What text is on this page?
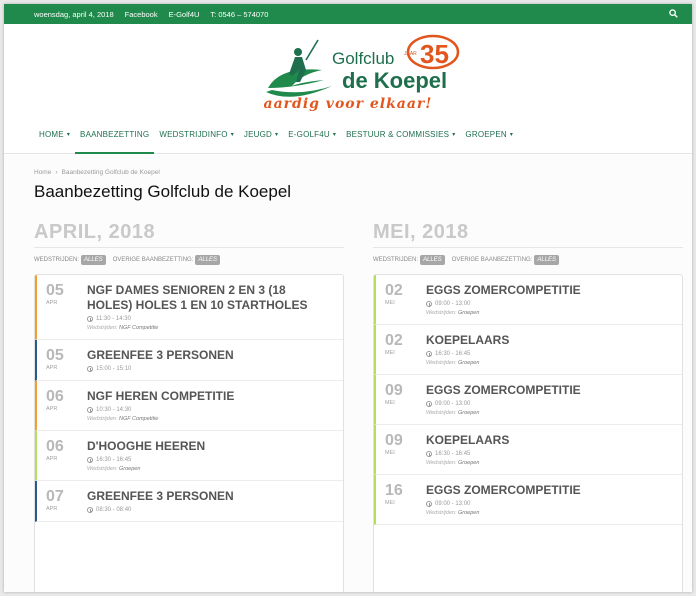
woensdag, april 4, 2018 Facebook E-Golf4U T: 0546 – 574070
Golfclub
de Koepel
35
JAAR
aardig voor elkaar!
HOME ▾ BAANBEZETTING WEDSTRIJDINFO ▾ JEUGD ▾ E-GOLF4U ▾ BESTUUR & COMMISSIES ▾ GROEPEN ▾
Home › Baanbezetting Golfclub de Koepel
Baanbezetting Golfclub de Koepel
APRIL, 2018
WEDSTRIJDEN: ALLES	OVERIGE BAANBEZETTING: ALLES
05
APR
NGF DAMES SENIOREN 2 EN 3 (18 HOLES) HOLES 1 EN 10 STARTHOLES
11:30 - 14:30
Wedstrijden: NGF Competitie
05
APR
GREENFEE 3 PERSONEN
15:00 - 15:10
06
APR
NGF HEREN COMPETITIE
10:30 - 14:30
Wedstrijden: NGF Competitie
06
APR
D'HOOGHE HEEREN
16:30 - 16:45
Wedstrijden: Groepen
07
APR
GREENFEE 3 PERSONEN
08:30 - 08:40
MEI, 2018
WEDSTRIJDEN: ALLES	OVERIGE BAANBEZETTING: ALLES
02
MEI
EGGS ZOMERCOMPETITIE
09:00 - 13:00
Wedstrijden: Groepen
02
MEI
KOEPELAARS
16:30 - 16:45
Wedstrijden: Groepen
09
MEI
EGGS ZOMERCOMPETITIE
09:00 - 13:00
Wedstrijden: Groepen
09
MEI
KOEPELAARS
16:30 - 16:45
Wedstrijden: Groepen
16
MEI
EGGS ZOMERCOMPETITIE
09:00 - 13:00
Wedstrijden: Groepen
